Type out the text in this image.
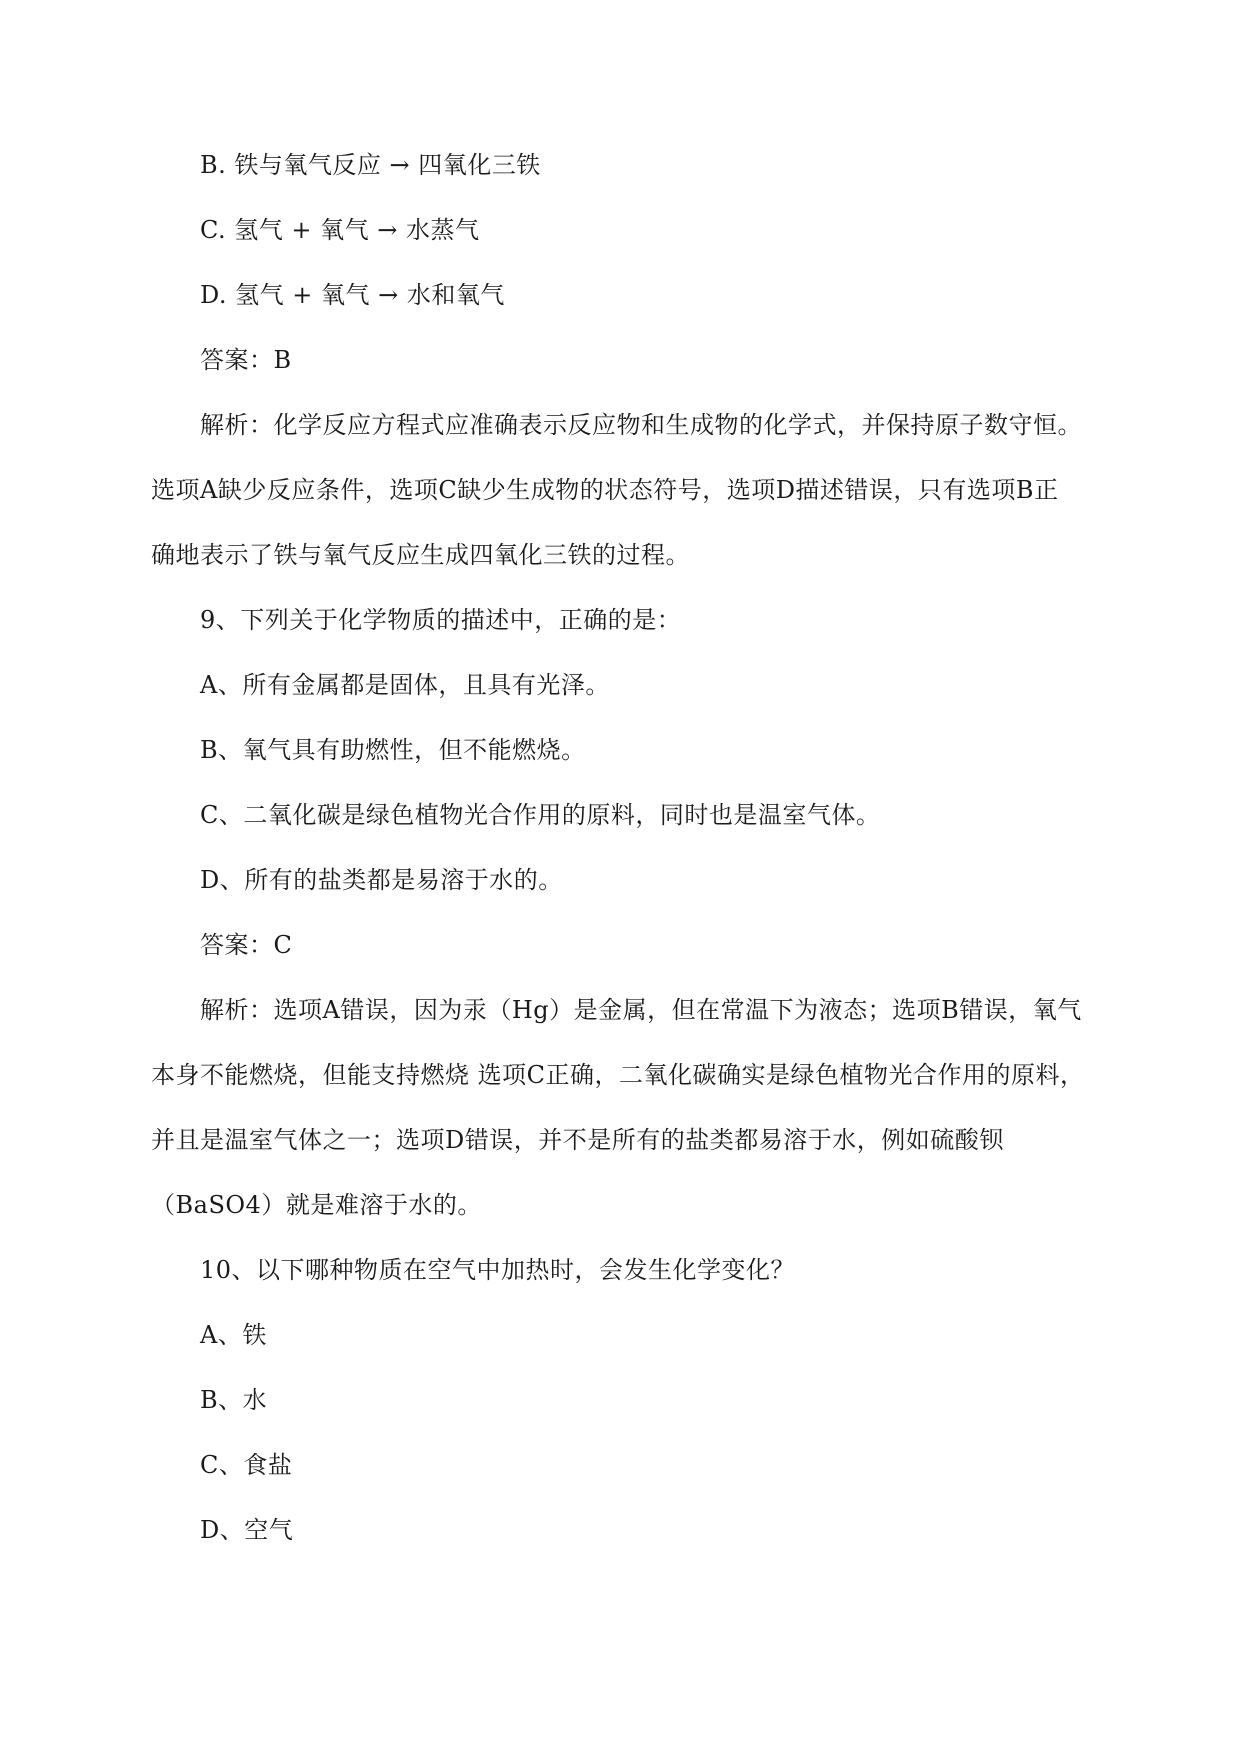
B. 铁与氧气反应 → 四氧化三铁
C. 氢气 + 氧气 → 水蒸气
D. 氢气 + 氧气 → 水和氧气
答案：B
解析：化学反应方程式应准确表示反应物和生成物的化学式，并保持原子数守恒。
选项A缺少反应条件，选项C缺少生成物的状态符号，选项D描述错误，只有选项B正
确地表示了铁与氧气反应生成四氧化三铁的过程。
9、下列关于化学物质的描述中，正确的是：
A、所有金属都是固体，且具有光泽。
B、氧气具有助燃性，但不能燃烧。
C、二氧化碳是绿色植物光合作用的原料，同时也是温室气体。
D、所有的盐类都是易溶于水的。
答案：C
解析：选项A错误，因为汞（Hg）是金属，但在常温下为液态；选项B错误，氧气
本身不能燃烧，但能支持燃烧 选项C正确，二氧化碳确实是绿色植物光合作用的原料，
并且是温室气体之一；选项D错误，并不是所有的盐类都易溶于水，例如硫酸钡
（BaSO4）就是难溶于水的。
10、以下哪种物质在空气中加热时，会发生化学变化？
A、铁
B、水
C、食盐
D、空气
